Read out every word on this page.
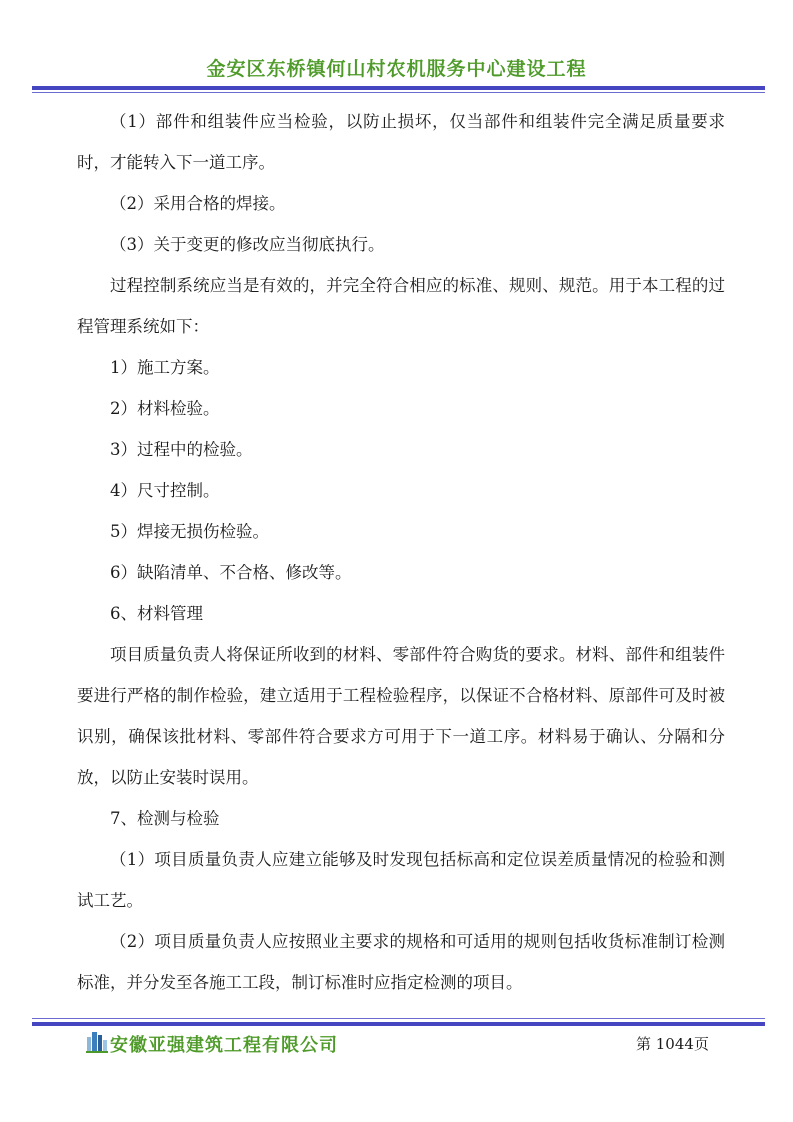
金安区东桥镇何山村农机服务中心建设工程

（1）部件和组装件应当检验，以防止损坏，仅当部件和组装件完全满足质量要求时，才能转入下一道工序。

（2）采用合格的焊接。

（3）关于变更的修改应当彻底执行。

过程控制系统应当是有效的，并完全符合相应的标准、规则、规范。用于本工程的过程管理系统如下：

1）施工方案。

2）材料检验。

3）过程中的检验。

4）尺寸控制。

5）焊接无损伤检验。

6）缺陷清单、不合格、修改等。

6、材料管理

项目质量负责人将保证所收到的材料、零部件符合购货的要求。材料、部件和组装件要进行严格的制作检验，建立适用于工程检验程序，以保证不合格材料、原部件可及时被识别，确保该批材料、零部件符合要求方可用于下一道工序。材料易于确认、分隔和分放，以防止安装时误用。

7、检测与检验

（1）项目质量负责人应建立能够及时发现包括标高和定位误差质量情况的检验和测试工艺。

（2）项目质量负责人应按照业主要求的规格和可适用的规则包括收货标准制订检测标准，并分发至各施工工段，制订标准时应指定检测的项目。

安徽亚强建筑工程有限公司	第 1044页
